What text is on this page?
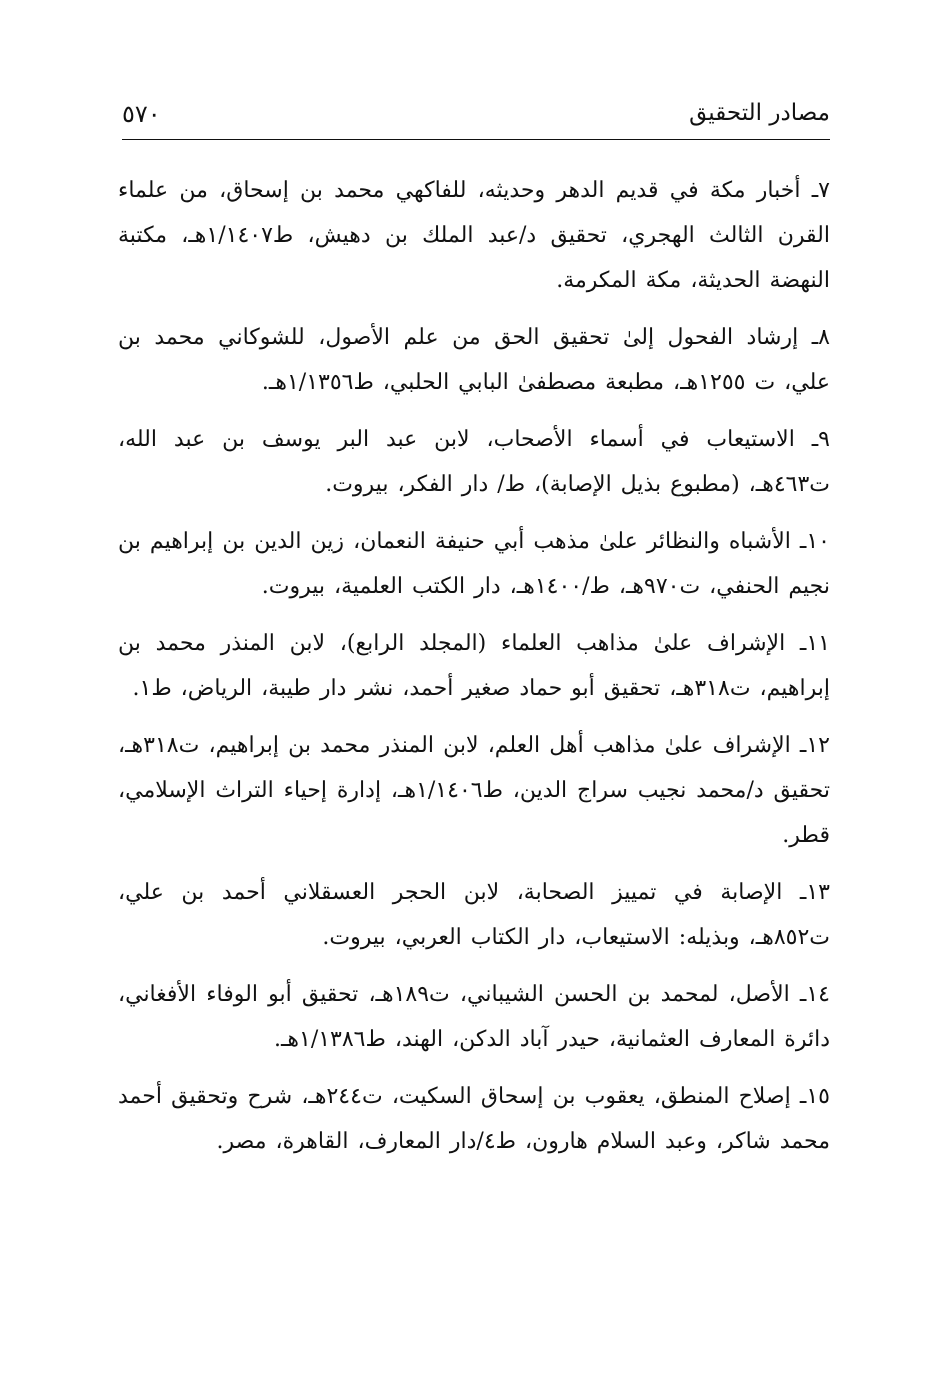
مصادر التحقيق
٥٧٠

٧ـ أخبار مكة في قديم الدهر وحديثه، للفاكهي محمد بن إسحاق، من علماء القرن الثالث الهجري، تحقيق د/عبد الملك بن دهيش، ط١/١٤٠٧هـ، مكتبة النهضة الحديثة، مكة المكرمة.

٨ـ إرشاد الفحول إلىٰ تحقيق الحق من علم الأصول، للشوكاني محمد بن علي، ت ١٢٥٥هـ، مطبعة مصطفىٰ البابي الحلبي، ط١/١٣٥٦هـ.

٩ـ الاستيعاب في أسماء الأصحاب، لابن عبد البر يوسف بن عبد الله، ت٤٦٣هـ، (مطبوع بذيل الإصابة)، ط/ دار الفكر، بيروت.

١٠ـ الأشباه والنظائر علىٰ مذهب أبي حنيفة النعمان، زين الدين بن إبراهيم بن نجيم الحنفي، ت٩٧٠هـ، ط/١٤٠٠هـ، دار الكتب العلمية، بيروت.

١١ـ الإشراف علىٰ مذاهب العلماء (المجلد الرابع)، لابن المنذر محمد بن إبراهيم، ت٣١٨هـ، تحقيق أبو حماد صغير أحمد، نشر دار طيبة، الرياض، ط١.

١٢ـ الإشراف علىٰ مذاهب أهل العلم، لابن المنذر محمد بن إبراهيم، ت٣١٨هـ، تحقيق د/محمد نجيب سراج الدين، ط١/١٤٠٦هـ، إدارة إحياء التراث الإسلامي، قطر.

١٣ـ الإصابة في تمييز الصحابة، لابن الحجر العسقلاني أحمد بن علي، ت٨٥٢هـ، وبذيله: الاستيعاب، دار الكتاب العربي، بيروت.

١٤ـ الأصل، لمحمد بن الحسن الشيباني، ت١٨٩هـ، تحقيق أبو الوفاء الأفغاني، دائرة المعارف العثمانية، حيدر آباد الدكن، الهند، ط١/١٣٨٦هـ.

١٥ـ إصلاح المنطق، يعقوب بن إسحاق السكيت، ت٢٤٤هـ، شرح وتحقيق أحمد محمد شاكر، وعبد السلام هارون، ط٤/دار المعارف، القاهرة، مصر.
